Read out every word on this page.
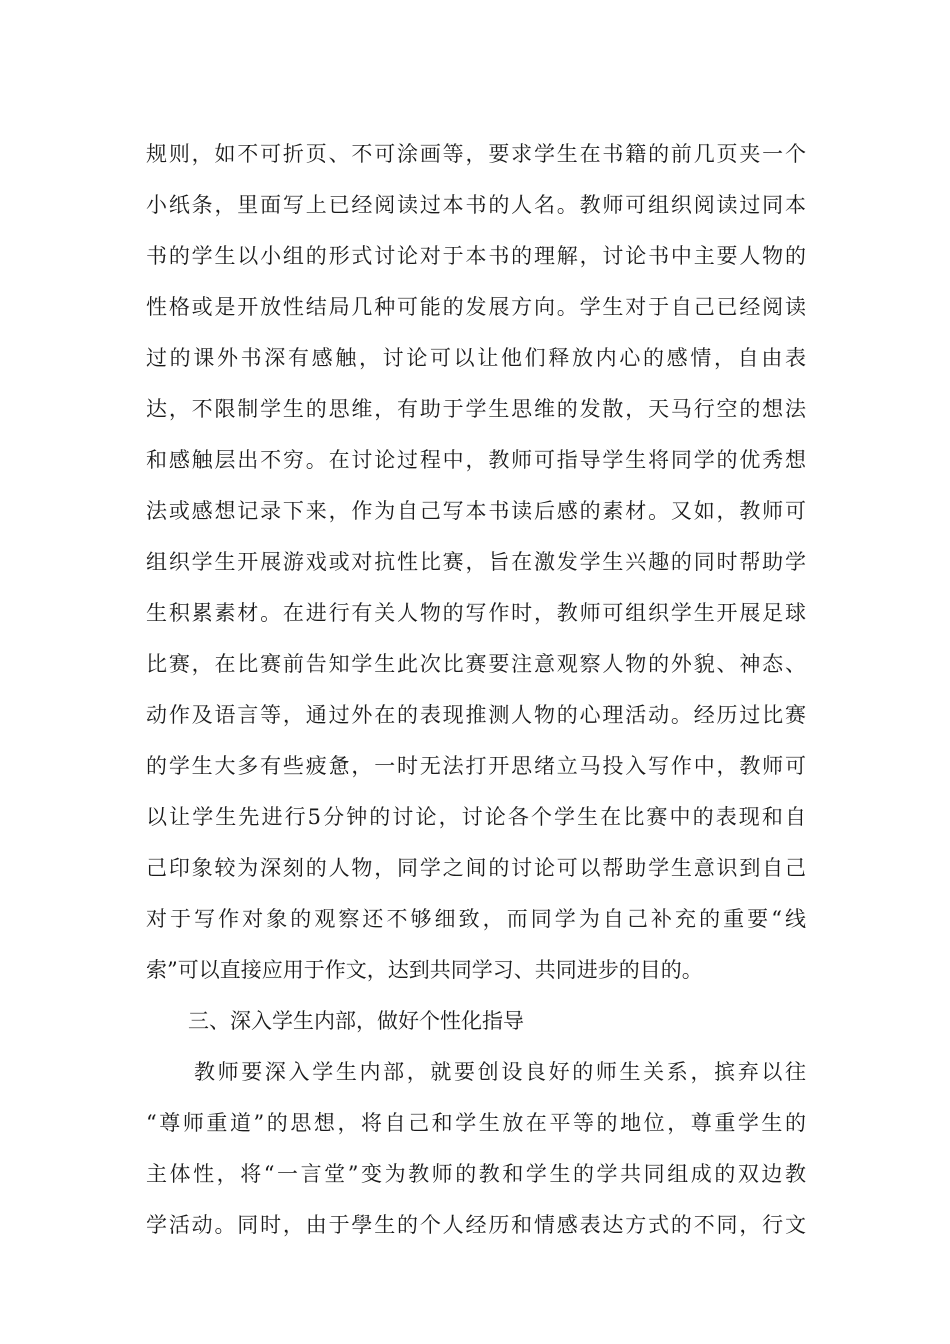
规则，如不可折页、不可涂画等，要求学生在书籍的前几页夹一个
小纸条，里面写上已经阅读过本书的人名。教师可组织阅读过同本
书的学生以小组的形式讨论对于本书的理解，讨论书中主要人物的
性格或是开放性结局几种可能的发展方向。学生对于自己已经阅读
过的课外书深有感触，讨论可以让他们释放内心的感情，自由表
达，不限制学生的思维，有助于学生思维的发散，天马行空的想法
和感触层出不穷。在讨论过程中，教师可指导学生将同学的优秀想
法或感想记录下来，作为自己写本书读后感的素材。又如，教师可
组织学生开展游戏或对抗性比赛，旨在激发学生兴趣的同时帮助学
生积累素材。在进行有关人物的写作时，教师可组织学生开展足球
比赛，在比赛前告知学生此次比赛要注意观察人物的外貌、神态、
动作及语言等，通过外在的表现推测人物的心理活动。经历过比赛
的学生大多有些疲惫，一时无法打开思绪立马投入写作中，教师可
以让学生先进行5分钟的讨论，讨论各个学生在比赛中的表现和自
己印象较为深刻的人物，同学之间的讨论可以帮助学生意识到自己
对于写作对象的观察还不够细致，而同学为自己补充的重要“线
索”可以直接应用于作文，达到共同学习、共同进步的目的。
三、深入学生内部，做好个性化指导
教师要深入学生内部，就要创设良好的师生关系，摈弃以往
“尊师重道”的思想，将自己和学生放在平等的地位，尊重学生的
主体性，将“一言堂”变为教师的教和学生的学共同组成的双边教
学活动。同时，由于學生的个人经历和情感表达方式的不同，行文
